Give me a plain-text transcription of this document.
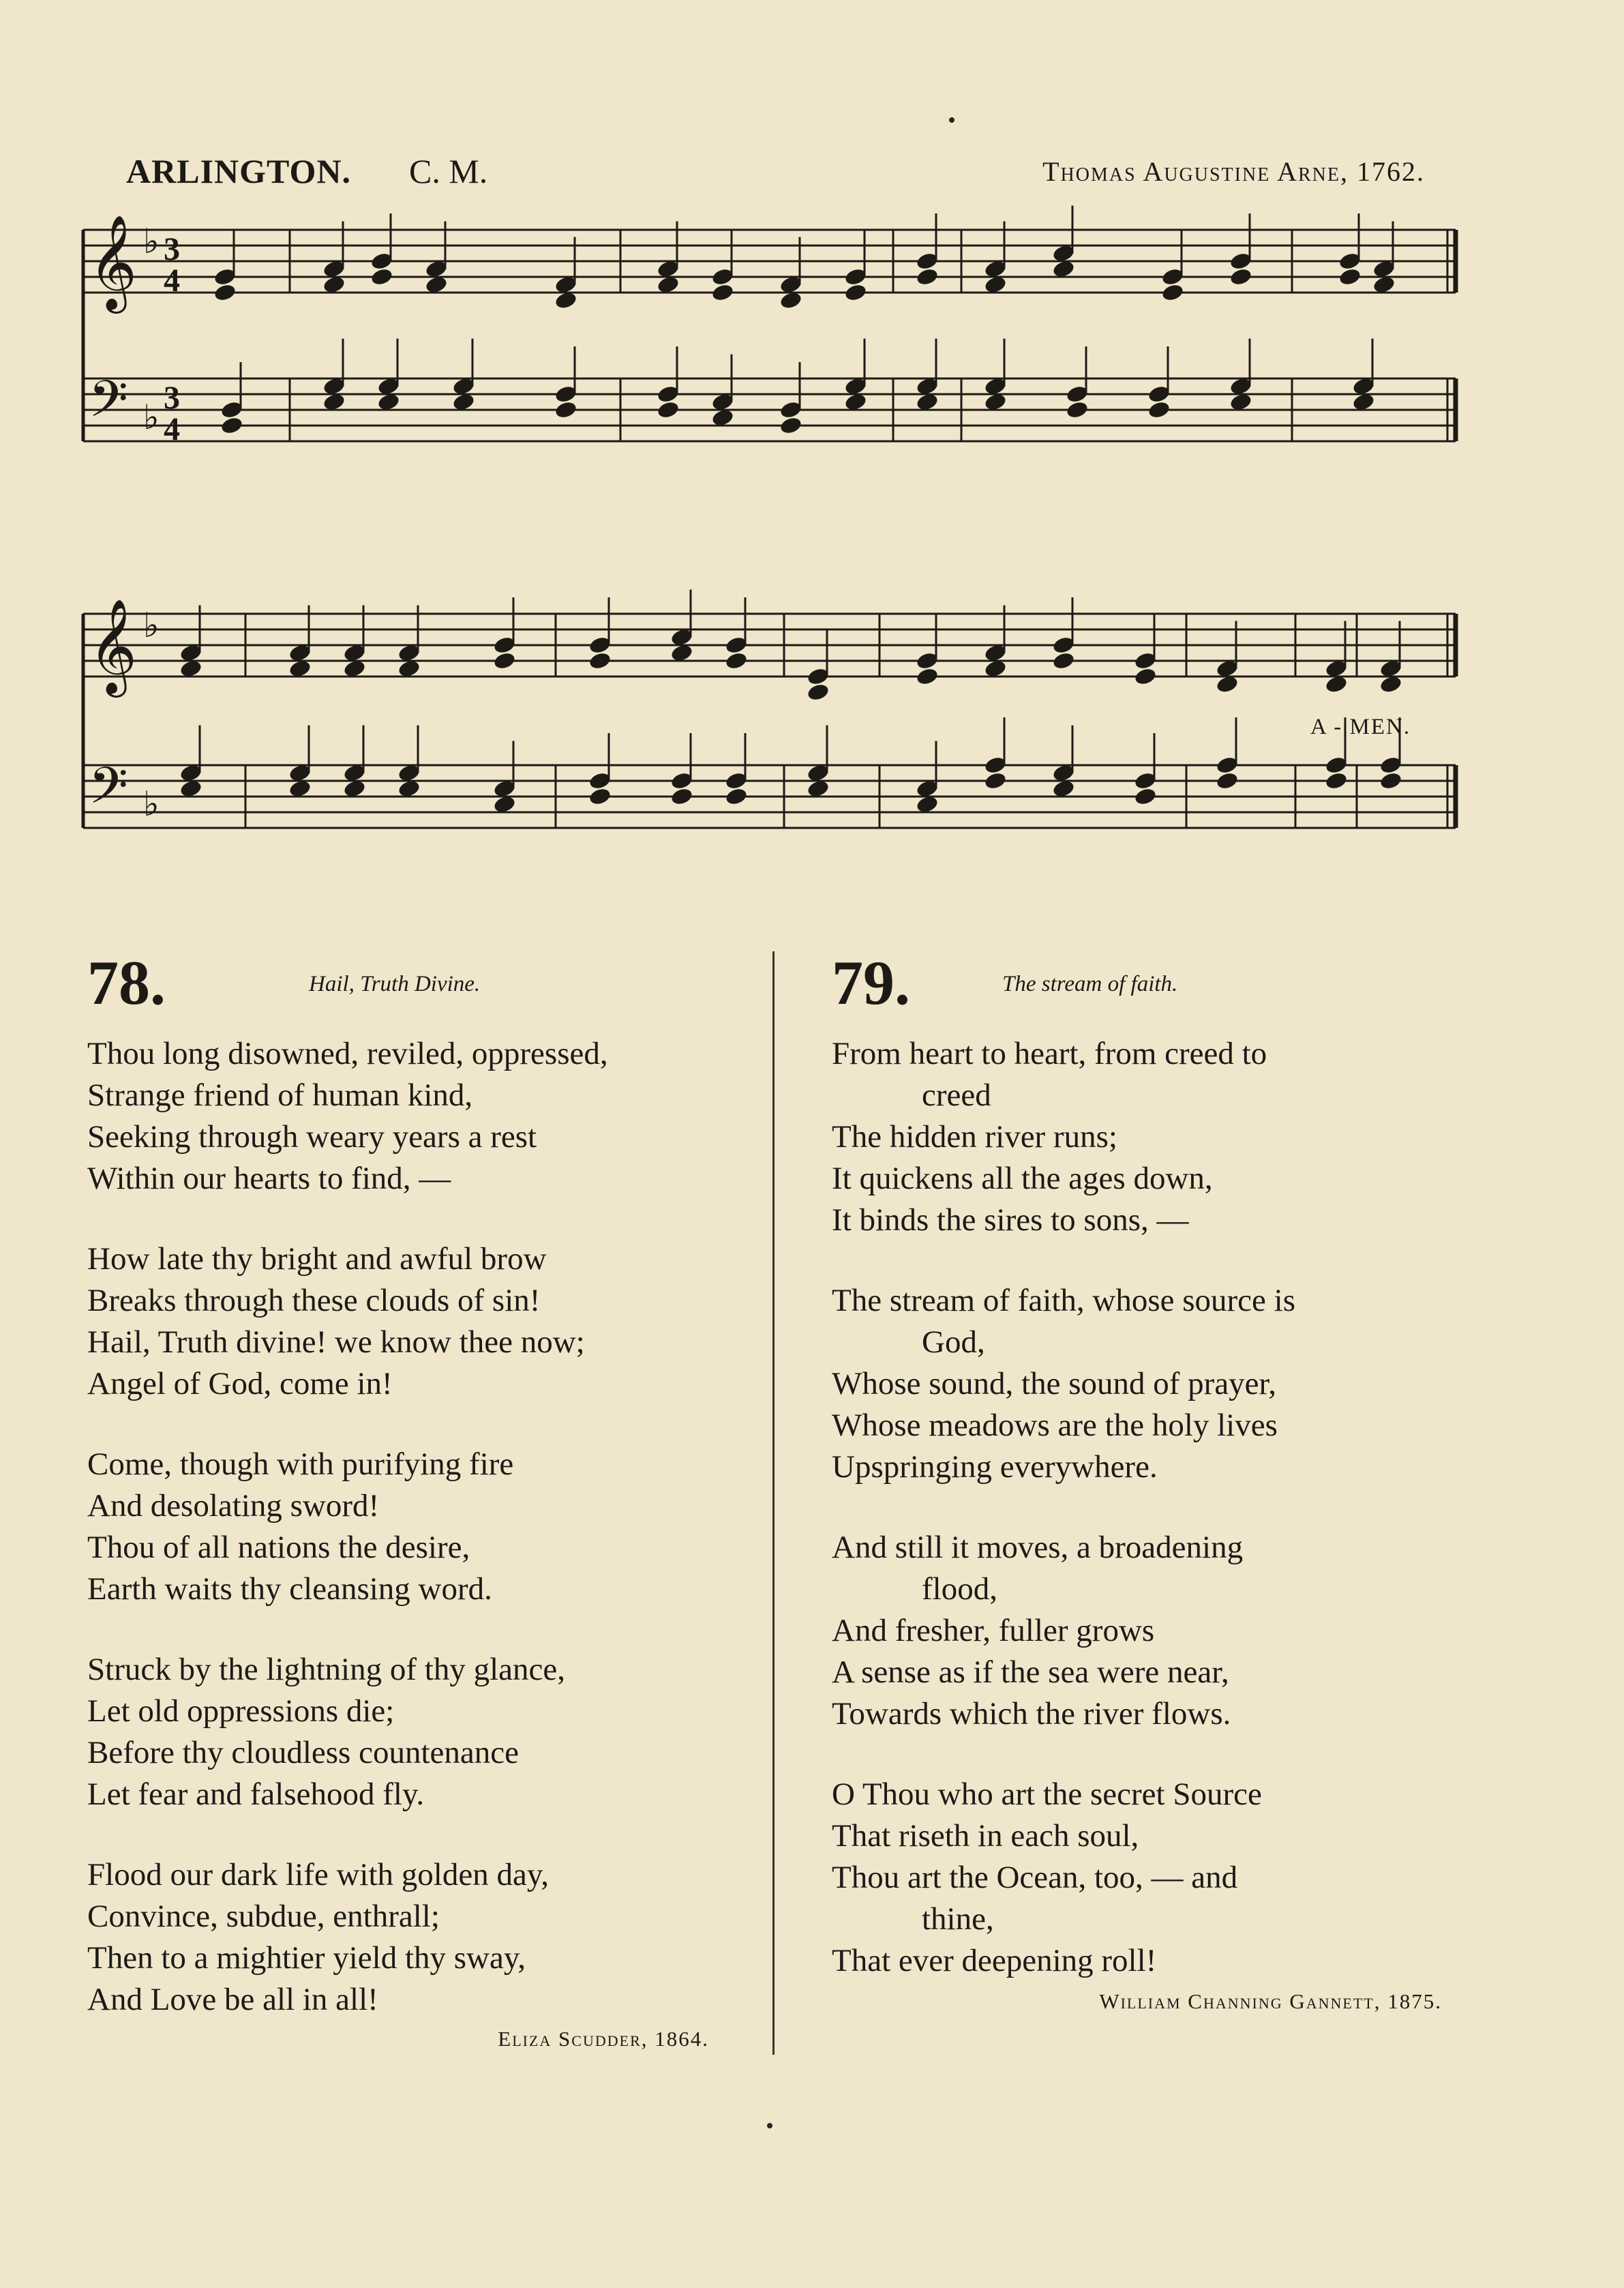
ARLINGTON. C. M.	Thomas Augustine Arne, 1762.
𝄞 ♭
𝄞 ♭
𝄢 ♭
𝄢 ♭
3
4
3
4
A - MEN.
78.	Hail, Truth Divine.
Thou long disowned, reviled, oppressed,
Strange friend of human kind,
Seeking through weary years a rest
Within our hearts to find, —
How late thy bright and awful brow
Breaks through these clouds of sin!
Hail, Truth divine! we know thee now;
Angel of God, come in!
Come, though with purifying fire
And desolating sword!
Thou of all nations the desire,
Earth waits thy cleansing word.
Struck by the lightning of thy glance,
Let old oppressions die;
Before thy cloudless countenance
Let fear and falsehood fly.
Flood our dark life with golden day,
Convince, subdue, enthrall;
Then to a mightier yield thy sway,
And Love be all in all!
Eliza Scudder, 1864.
79.	The stream of faith.
From heart to heart, from creed to
creed
The hidden river runs;
It quickens all the ages down,
It binds the sires to sons, —
The stream of faith, whose source is
God,
Whose sound, the sound of prayer,
Whose meadows are the holy lives
Upspringing everywhere.
And still it moves, a broadening
flood,
And fresher, fuller grows
A sense as if the sea were near,
Towards which the river flows.
O Thou who art the secret Source
That riseth in each soul,
Thou art the Ocean, too, — and
thine,
That ever deepening roll!
William Channing Gannett, 1875.
